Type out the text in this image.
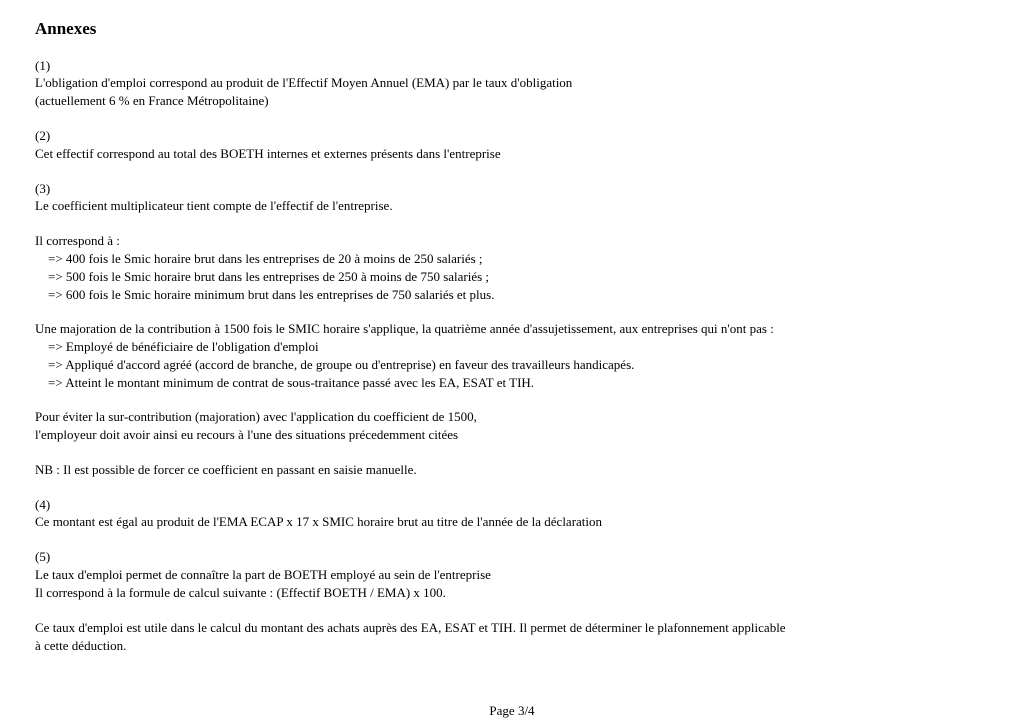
Annexes

(1)

L'obligation d'emploi correspond au produit de l'Effectif Moyen Annuel (EMA) par le taux d'obligation

(actuellement 6 % en France Métropolitaine)

(2)

Cet effectif correspond au total des BOETH internes et externes présents dans l'entreprise

(3)

Le coefficient multiplicateur tient compte de l'effectif de l'entreprise.

Il correspond à :

=> 400 fois le Smic horaire brut dans les entreprises de 20 à moins de 250 salariés ;

=> 500 fois le Smic horaire brut dans les entreprises de 250 à moins de 750 salariés ;

=> 600 fois le Smic horaire minimum brut dans les entreprises de 750 salariés et plus.

Une majoration de la contribution à 1500 fois le SMIC horaire s'applique, la quatrième année d'assujetissement, aux entreprises qui n'ont pas :

=> Employé de bénéficiaire de l'obligation d'emploi

=> Appliqué d'accord agréé (accord de branche, de groupe ou d'entreprise) en faveur des travailleurs handicapés.

=> Atteint le montant minimum de contrat de sous-traitance passé avec les EA, ESAT et TIH.

Pour éviter la sur-contribution (majoration) avec l'application du coefficient de 1500,

l'employeur doit avoir ainsi eu recours à l'une des situations précedemment citées

NB : Il est possible de forcer ce coefficient en passant en saisie manuelle.

(4)

Ce montant est égal au produit de l'EMA ECAP x 17 x SMIC horaire brut au titre de l'année de la déclaration

(5)

Le taux d'emploi permet de connaître la part de BOETH employé au sein de l'entreprise

Il correspond à la formule de calcul suivante : (Effectif BOETH / EMA) x 100.

Ce taux d'emploi est utile dans le calcul du montant des achats auprès des EA, ESAT et TIH. Il permet de déterminer le plafonnement applicable

à cette déduction.

Page 3/4
